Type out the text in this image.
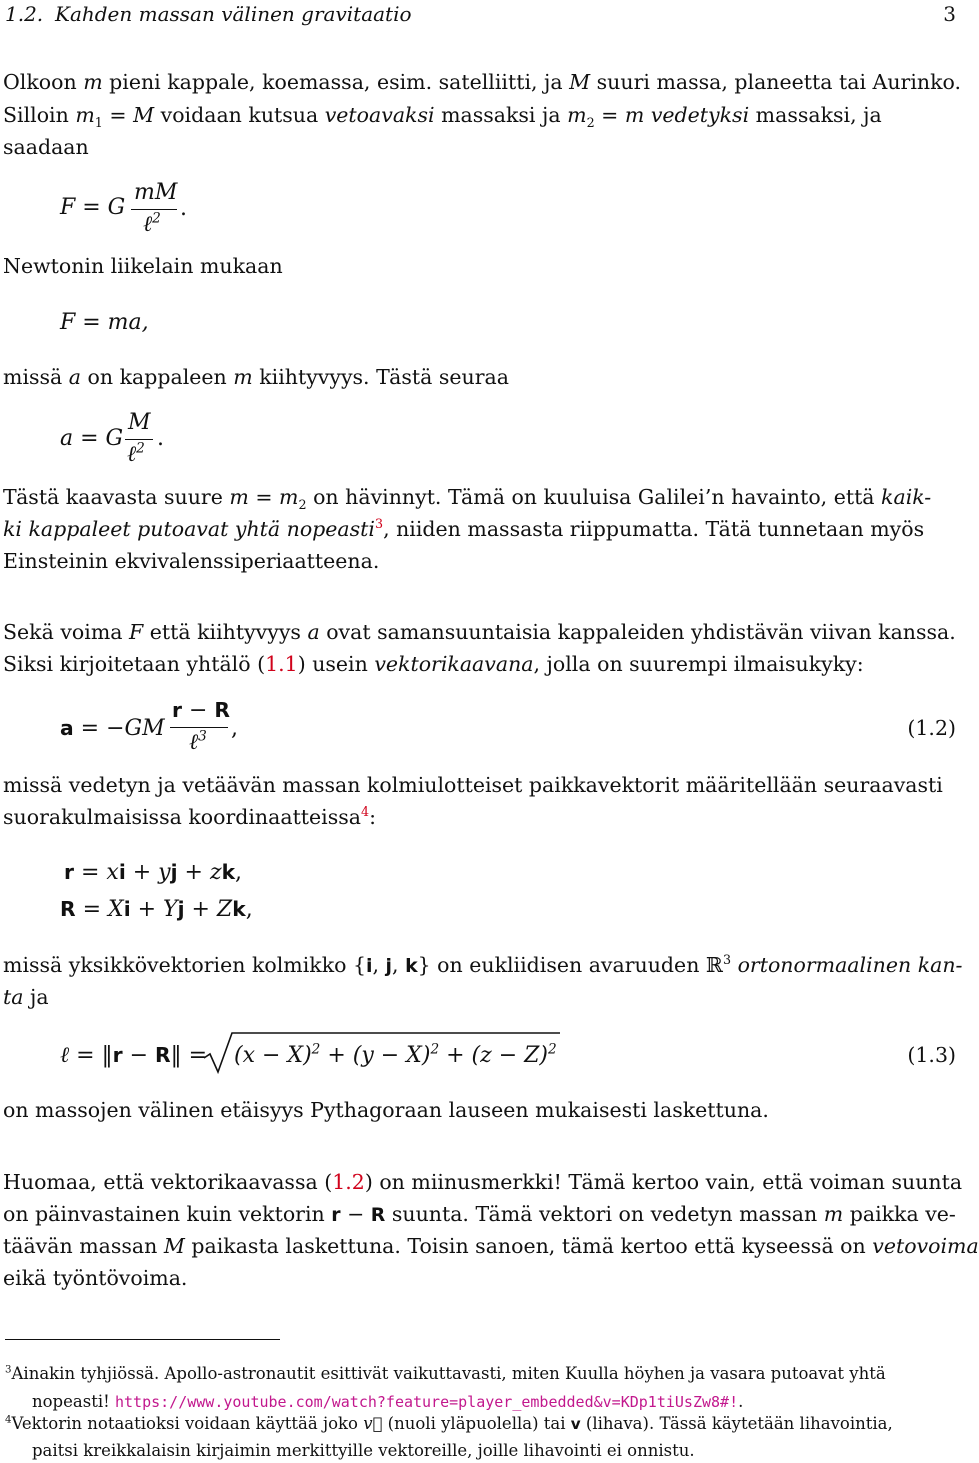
1.2. Kahden massan välinen gravitaatio	3
Olkoon m pieni kappale, koemassa, esim. satelliitti, ja M suuri massa, planeetta tai Aurinko.
Silloin $m_1 = M$ voidaan kutsua vetoavaksi massaksi ja $m_2 = m$ vedetyksi massaksi, ja
saadaan
F = G
mM
ℓ$^2$ .
Newtonin liikelain mukaan
F = ma,
missä a on kappaleen m kiihtyvyys. Tästä seuraa
a = G
M
ℓ$^2$ .
Tästä kaavasta suure $m = m_2$ on hävinnyt. Tämä on kuuluisa Galilei’n havainto, että kaik-
ki kappaleet putoavat yhtä nopeasti$^3$, niiden massasta riippumatta. Tätä tunnetaan myös
Einsteinin ekvivalenssiperiaatteena.
Sekä voima F että kiihtyvyys a ovat samansuuntaisia kappaleiden yhdistävän viivan kanssa.
Siksi kirjoitetaan yhtälö (1.1) usein vektorikaavana, jolla on suurempi ilmaisukyky:
a = −GM
r − R
ℓ$^3$ ,	(1.2)
missä vedetyn ja vetäävän massan kolmiulotteiset paikkavektorit määritellään seuraavasti
suorakulmaisissa koordinaatteissa$^4$:
r = xi + yj + zk,
R = Xi + Yj + Zk,
missä yksikkövektorien kolmikko {i, j, k} on eukliidisen avaruuden ℝ$^3$ ortonormaalinen kan-
ta ja
ℓ = ‖r − R‖ = $(x - X)^2 + (y - X)^2 + (z - Z)^2$	(1.3)
on massojen välinen etäisyys Pythagoraan lauseen mukaisesti laskettuna.
Huomaa, että vektorikaavassa (1.2) on miinusmerkki! Tämä kertoo vain, että voiman suunta
on päinvastainen kuin vektorin r − R suunta. Tämä vektori on vedetyn massan m paikka ve-
täävän massan M paikasta laskettuna. Toisin sanoen, tämä kertoo että kyseessä on vetovoima
eikä työntövoima.
$^3$Ainakin tyhjiössä. Apollo-astronautit esittivät vaikuttavasti, miten Kuulla höyhen ja vasara putoavat yhtä
nopeasti! https://www.youtube.com/watch?feature=player_embedded&v=KDp1tiUsZw8#!.
$^4$Vektorin notaatioksi voidaan käyttää joko v⃗ (nuoli yläpuolella) tai v (lihava). Tässä käytetään lihavointia,
paitsi kreikkalaisin kirjaimin merkittyille vektoreille, joille lihavointi ei onnistu.
